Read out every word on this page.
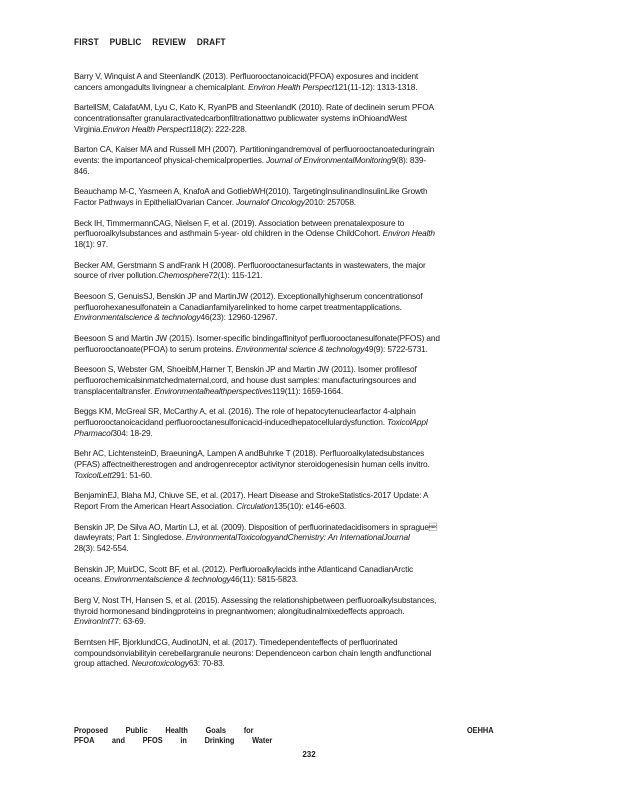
FIRST PUBLIC REVIEW DRAFT

Barry V, Winquist A and SteenlandK (2013). Perfluorooctanoicacid(PFOA) exposures and incident
cancers amongadults livingnear a chemicalplant. Environ Health Perspect121(11-12): 1313-1318.

BartellSM, CalafatAM, Lyu C, Kato K, RyanPB and SteenlandK (2010). Rate of declinein serum PFOA
concentrationsafter granularactivatedcarbonfiltrationattwo publicwater systems inOhioandWest
Virginia.Environ Health Perspect118(2): 222-228.

Barton CA, Kaiser MA and Russell MH (2007). Partitioningandremoval of perfluorooctanoateduringrain
events: the importanceof physical-chemicalproperties. Journal of EnvironmentalMonitoring9(8): 839-
846.

Beauchamp M-C, Yasmeen A, KnafoA and GotliebWH(2010). TargetingInsulinandInsulinLike Growth
Factor Pathways in EpithelialOvarian Cancer. Journalof Oncology2010: 257058.

Beck IH, TimmermannCAG, Nielsen F, et al. (2019). Association between prenatalexposure to
perfluoroalkylsubstances and asthmain 5-year- old children in the Odense ChildCohort. Environ Health
18(1): 97.

Becker AM, Gerstmann S andFrank H (2008). Perfluorooctanesurfactants in wastewaters, the major
source of river pollution.Chemosphere72(1): 115-121.

Beesoon S, GenuisSJ, Benskin JP and MartinJW (2012). Exceptionallyhighserum concentrationsof
perfluorohexanesulfonatein a Canadianfamilyarelinked to home carpet treatmentapplications.
Environmentalscience & technology46(23): 12960-12967.

Beesoon S and Martin JW (2015). Isomer-specific bindingaffinityof perfluorooctanesulfonate(PFOS) and
perfluorooctanoate(PFOA) to serum proteins. Environmental science & technology49(9): 5722-5731.

Beesoon S, Webster GM, ShoeibM,Harner T, Benskin JP and Martin JW (2011). Isomer profilesof
perfluorochemicalsinmatchedmaternal,cord, and house dust samples: manufacturingsources and
transplacentaltransfer. Environmentalhealthperspectives119(11): 1659-1664.

Beggs KM, McGreal SR, McCarthy A, et al. (2016). The role of hepatocytenuclearfactor 4-alphain
perfluorooctanoicacidand perfluorooctanesulfonicacid-inducedhepatocellulardysfunction. ToxicolAppl
Pharmacol304: 18-29.

Behr AC, LichtensteinD, BraeuningA, Lampen A andBuhrke T (2018). Perfluoroalkylatedsubstances
(PFAS) affectneitherestrogen and androgenreceptor activitynor steroidogenesisin human cells invitro.
ToxicolLett291: 51-60.

BenjaminEJ, Blaha MJ, Chiuve SE, et al. (2017). Heart Disease and StrokeStatistics-2017 Update: A
Report From the American Heart Association. Circulation135(10): e146-e603.

Benskin JP, De Silva AO, Martin LJ, et al. (2009). Disposition of perfluorinatedacidisomers in sprague
dawleyrats; Part 1: Singledose. EnvironmentalToxicologyandChemistry: An InternationalJournal
28(3): 542-554.

Benskin JP, MuirDC, Scott BF, et al. (2012). Perfluoroalkylacids inthe Atlanticand CanadianArctic
oceans. Environmentalscience & technology46(11): 5815-5823.

Berg V, Nost TH, Hansen S, et al. (2015). Assessing the relationshipbetween perfluoroalkylsubstances,
thyroid hormonesand bindingproteins in pregnantwomen; alongitudinalmixedeffects approach.
EnvironInt77: 63-69.

Berntsen HF, BjorklundCG, AudinotJN, et al. (2017). Timedependenteffects of perfluorinated
compoundsonviabilityin cerebellargranule neurons: Dependenceon carbon chain length andfunctional
group attached. Neurotoxicology63: 70-83.

Proposed Public Health Goals for
PFOA and PFOS in Drinking Water
OEHHA
232
